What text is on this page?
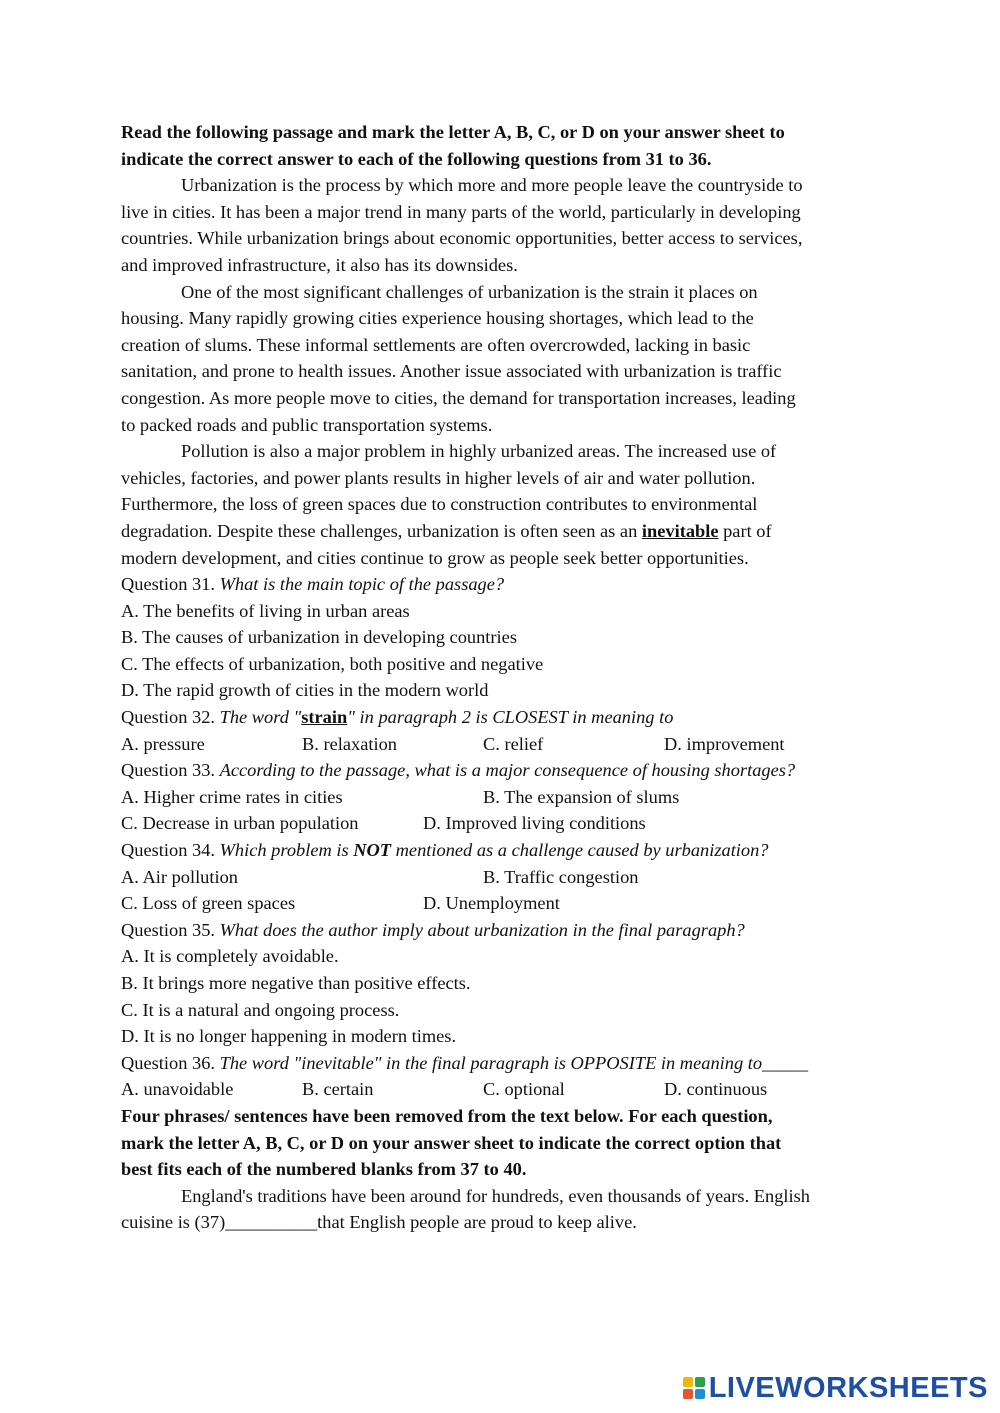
Read the following passage and mark the letter A, B, C, or D on your answer sheet to
indicate the correct answer to each of the following questions from 31 to 36.
Urbanization is the process by which more and more people leave the countryside to
live in cities. It has been a major trend in many parts of the world, particularly in developing
countries. While urbanization brings about economic opportunities, better access to services,
and improved infrastructure, it also has its downsides.
One of the most significant challenges of urbanization is the strain it places on
housing. Many rapidly growing cities experience housing shortages, which lead to the
creation of slums. These informal settlements are often overcrowded, lacking in basic
sanitation, and prone to health issues. Another issue associated with urbanization is traffic
congestion. As more people move to cities, the demand for transportation increases, leading
to packed roads and public transportation systems.
Pollution is also a major problem in highly urbanized areas. The increased use of
vehicles, factories, and power plants results in higher levels of air and water pollution.
Furthermore, the loss of green spaces due to construction contributes to environmental
degradation. Despite these challenges, urbanization is often seen as an inevitable part of
modern development, and cities continue to grow as people seek better opportunities.
Question 31. What is the main topic of the passage?
A. The benefits of living in urban areas
B. The causes of urbanization in developing countries
C. The effects of urbanization, both positive and negative
D. The rapid growth of cities in the modern world
Question 32. The word "strain" in paragraph 2 is CLOSEST in meaning to
A. pressure	B. relaxation	C. relief	D. improvement
Question 33. According to the passage, what is a major consequence of housing shortages?
A. Higher crime rates in cities	B. The expansion of slums
C. Decrease in urban population	D. Improved living conditions
Question 34. Which problem is NOT mentioned as a challenge caused by urbanization?
A. Air pollution	B. Traffic congestion
C. Loss of green spaces	D. Unemployment
Question 35. What does the author imply about urbanization in the final paragraph?
A. It is completely avoidable.
B. It brings more negative than positive effects.
C. It is a natural and ongoing process.
D. It is no longer happening in modern times.
Question 36. The word "inevitable" in the final paragraph is OPPOSITE in meaning to_____
A. unavoidable	B. certain	C. optional	D. continuous
Four phrases/ sentences have been removed from the text below. For each question,
mark the letter A, B, C, or D on your answer sheet to indicate the correct option that
best fits each of the numbered blanks from 37 to 40.
England's traditions have been around for hundreds, even thousands of years. English
cuisine is (37)__________that English people are proud to keep alive.
LIVEWORKSHEETS
